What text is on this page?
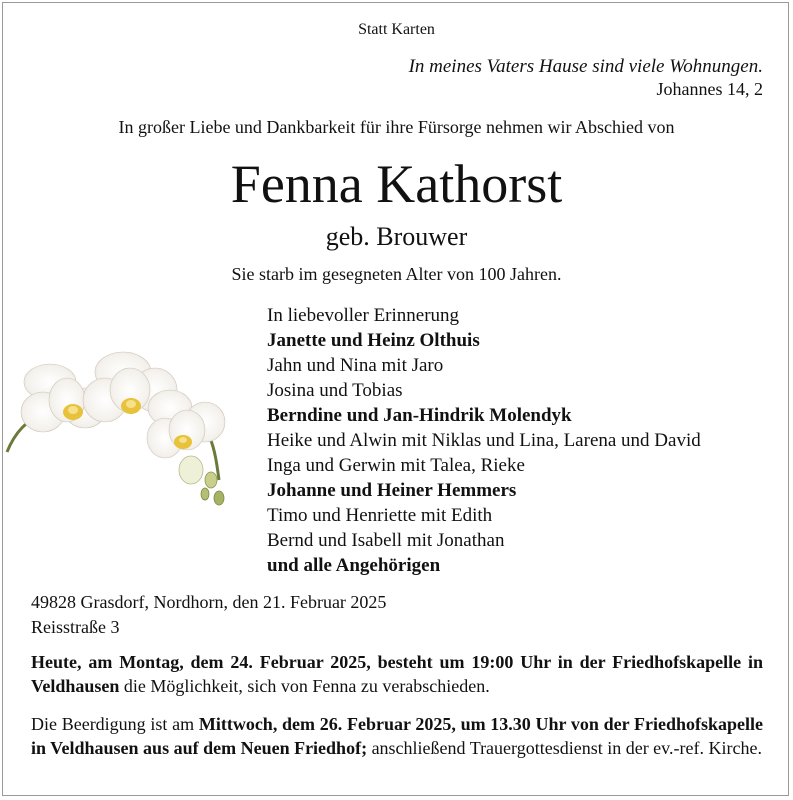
Statt Karten
In meines Vaters Hause sind viele Wohnungen.
Johannes 14, 2
In großer Liebe und Dankbarkeit für ihre Fürsorge nehmen wir Abschied von
Fenna Kathorst
geb. Brouwer
Sie starb im gesegneten Alter von 100 Jahren.
In liebevoller Erinnerung
Janette und Heinz Olthuis
Jahn und Nina mit Jaro
Josina und Tobias
Berndine und Jan-Hindrik Molendyk
Heike und Alwin mit Niklas und Lina, Larena und David
Inga und Gerwin mit Talea, Rieke
Johanne und Heiner Hemmers
Timo und Henriette mit Edith
Bernd und Isabell mit Jonathan
und alle Angehörigen
49828 Grasdorf, Nordhorn, den 21. Februar 2025
Reisstraße 3
Heute, am Montag, dem 24. Februar 2025, besteht um 19:00 Uhr in der Friedhofskapelle in Veldhausen die Möglichkeit, sich von Fenna zu verabschieden.
Die Beerdigung ist am Mittwoch, dem 26. Februar 2025, um 13.30 Uhr von der Friedhofskapelle in Veldhausen aus auf dem Neuen Friedhof; anschließend Trauergottesdienst in der ev.-ref. Kirche.
